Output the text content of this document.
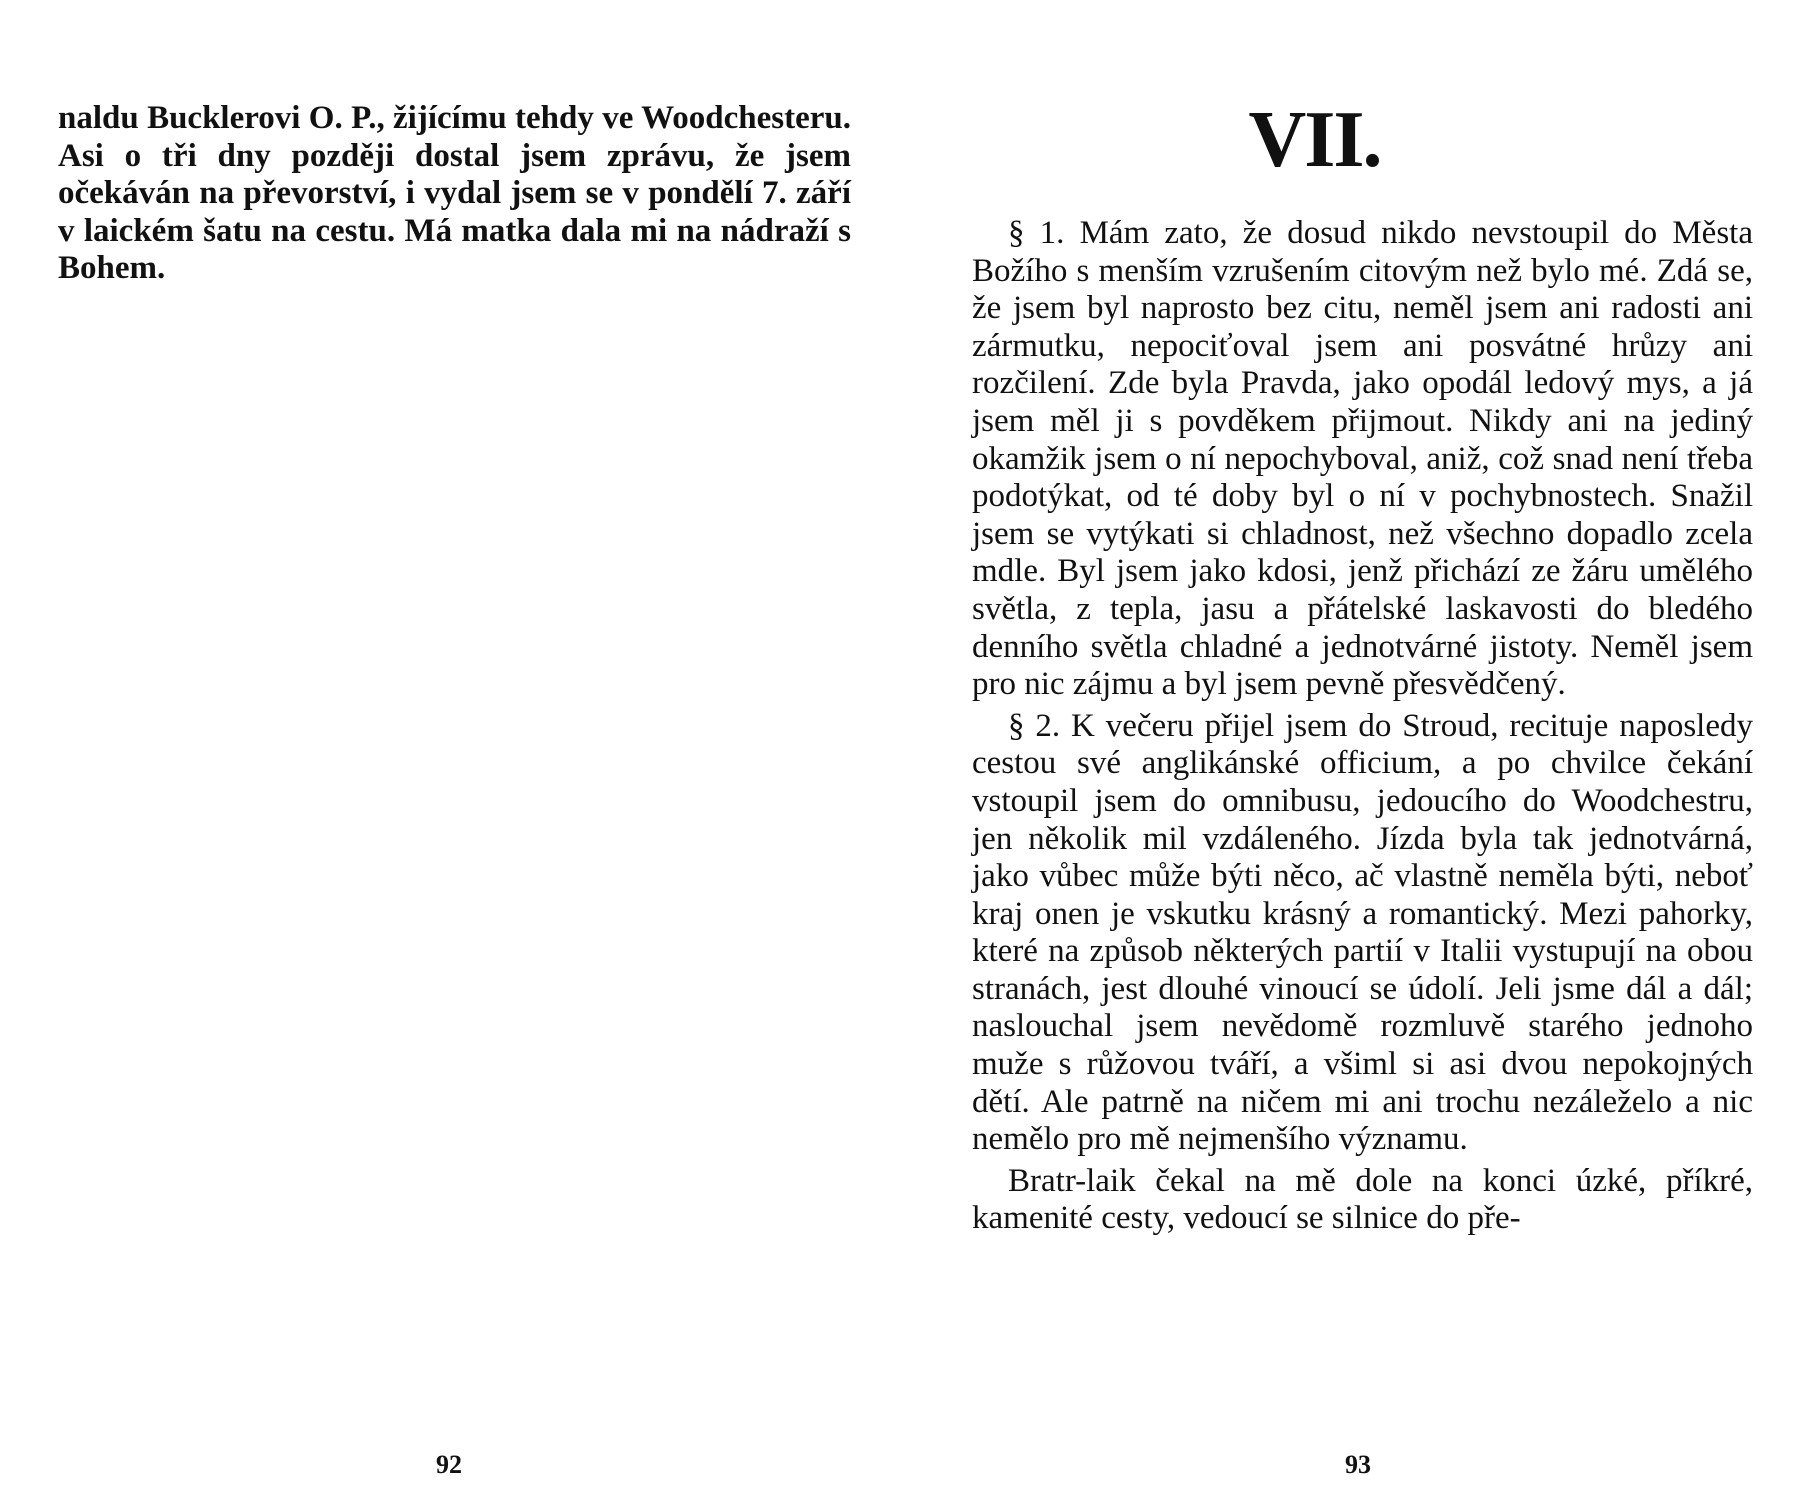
naldu Bucklerovi O. P., žijícímu tehdy ve Woodchesteru. Asi o tři dny později dostal jsem zprávu, že jsem očekáván na převorství, i vydal jsem se v pondělí 7. září v laickém šatu na cestu. Má matka dala mi na nádraží s Bohem.
92
VII.

§ 1. Mám zato, že dosud nikdo nevstoupil do Města Božího s menším vzrušením citovým než bylo mé. Zdá se, že jsem byl naprosto bez citu, neměl jsem ani radosti ani zármutku, nepociťoval jsem ani posvátné hrůzy ani rozčilení. Zde byla Pravda, jako opodál ledový mys, a já jsem měl ji s povděkem přijmout. Nikdy ani na jediný okamžik jsem o ní nepochyboval, aniž, což snad není třeba podotýkat, od té doby byl o ní v pochybnostech. Snažil jsem se vytýkati si chladnost, než všechno dopadlo zcela mdle. Byl jsem jako kdosi, jenž přichází ze žáru umělého světla, z tepla, jasu a přátelské laskavosti do bledého denního světla chladné a jednotvárné jistoty. Neměl jsem pro nic zájmu a byl jsem pevně přesvědčený.

§ 2. K večeru přijel jsem do Stroud, recituje naposledy cestou své anglikánské officium, a po chvilce čekání vstoupil jsem do omnibusu, jedoucího do Woodchestru, jen několik mil vzdáleného. Jízda byla tak jednotvárná, jako vůbec může býti něco, ač vlastně neměla býti, neboť kraj onen je vskutku krásný a romantický. Mezi pahorky, které na způsob některých partií v Italii vystupují na obou stranách, jest dlouhé vinoucí se údolí. Jeli jsme dál a dál; naslouchal jsem nevědomě rozmluvě starého jednoho muže s růžovou tváří, a všiml si asi dvou nepokojných dětí. Ale patrně na ničem mi ani trochu nezáleželo a nic nemělo pro mě nejmenšího významu.

Bratr-laik čekal na mě dole na konci úzké, příkré, kamenité cesty, vedoucí se silnice do pře-

93
